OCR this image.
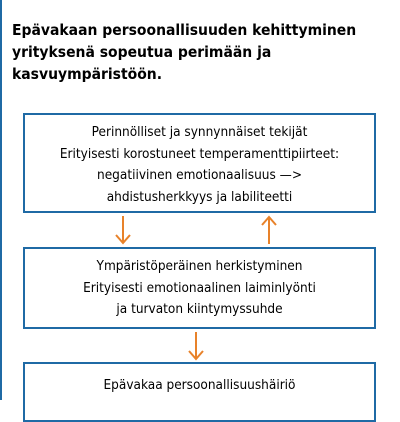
Epävakaan persoonallisuuden kehittyminen
yrityksenä sopeutua perimään ja
kasvuympäristöön.
Perinnölliset ja synnynnäiset tekijät
Erityisesti korostuneet temperamenttipiirteet:
negatiivinen emotionaalisuus —>
ahdistusherkkyys ja labiliteetti
Ympäristöperäinen herkistyminen
Erityisesti emotionaalinen laiminlyönti
ja turvaton kiintymyssuhde
Epävakaa persoonallisuushäiriö
